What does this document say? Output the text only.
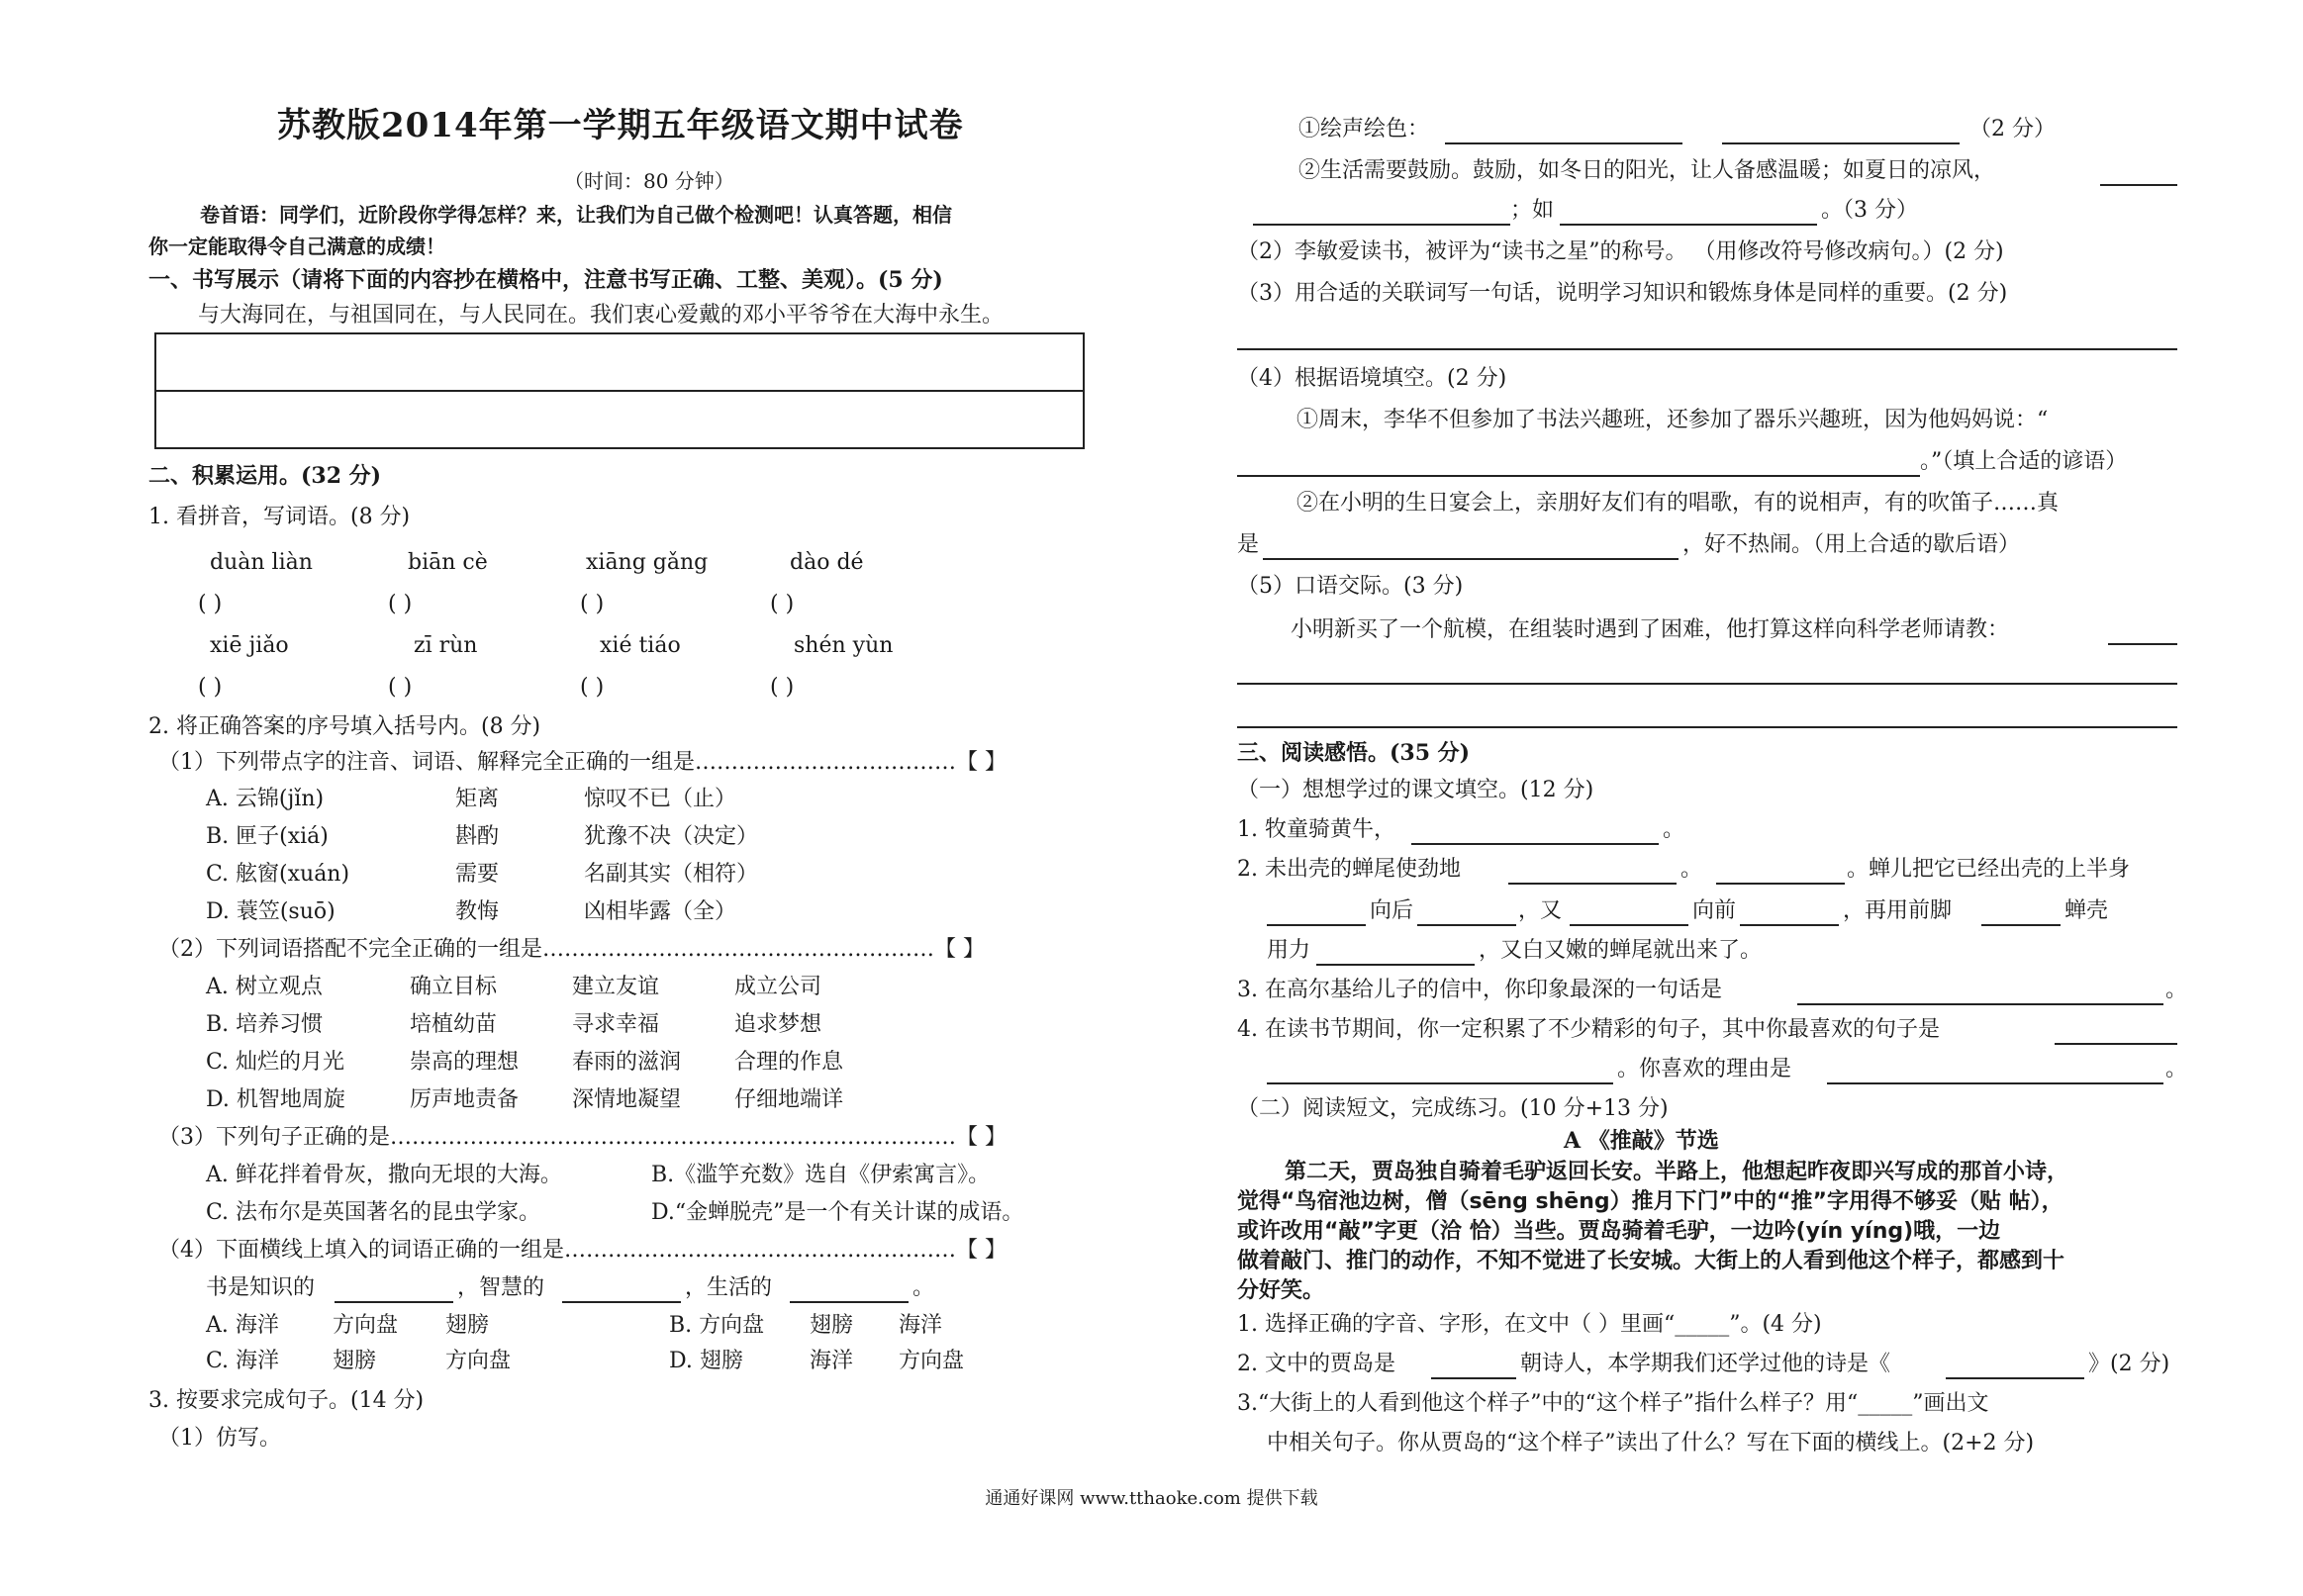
苏教版2014年第一学期五年级语文期中试卷
（时间：80 分钟）
卷首语：同学们，近阶段你学得怎样？来，让我们为自己做个检测吧！认真答题，相信
你一定能取得令自己满意的成绩！
一、书写展示（请将下面的内容抄在横格中，注意书写正确、工整、美观）。(5 分)
与大海同在，与祖国同在，与人民同在。我们衷心爱戴的邓小平爷爷在大海中永生。
二、积累运用。(32 分)
1. 看拼音，写词语。(8 分)
duàn liàn	biān cè	xiāng gǎng	dào dé
( )	( )	( )	( )
xiē jiǎo	zī rùn	xié tiáo	shén yùn
( )	( )	( )	( )
2. 将正确答案的序号填入括号内。(8 分)
（1）下列带点字的注音、词语、解释完全正确的一组是………………………………【 】
A. 云锦(jǐn)	矩离	惊叹不已（止）
B. 匣子(xiá)	斟酌	犹豫不决（决定）
C. 舷窗(xuán)	需要	名副其实（相符）
D. 蓑笠(suō)	教悔	凶相毕露（全）
（2）下列词语搭配不完全正确的一组是………………………………………………【 】
A. 树立观点	确立目标	建立友谊	成立公司
B. 培养习惯	培植幼苗	寻求幸福	追求梦想
C. 灿烂的月光	崇高的理想 春雨的滋润 合理的作息
D. 机智地周旋	厉声地责备 深情地凝望 仔细地端详
（3）下列句子正确的是……………………………………………………………………【 】
A. 鲜花拌着骨灰，撒向无垠的大海。	B.《滥竽充数》选自《伊索寓言》。
C. 法布尔是英国著名的昆虫学家。	D.“金蝉脱壳”是一个有关计谋的成语。
（4）下面横线上填入的词语正确的一组是………………………………………………【 】
书是知识的	，智慧的	，生活的	。
A. 海洋 方向盘 翅膀	B. 方向盘 翅膀 海洋
C. 海洋 翅膀	方向盘	D. 翅膀	海洋 方向盘
3. 按要求完成句子。(14 分)
（1）仿写。
①绘声绘色：	（2 分）
②生活需要鼓励。鼓励，如冬日的阳光，让人备感温暖；如夏日的凉风，
；如	。（3 分）
（2）李敏爱读书，被评为“读书之星”的称号。 （用修改符号修改病句。）(2 分)
（3）用合适的关联词写一句话，说明学习知识和锻炼身体是同样的重要。(2 分)
（4）根据语境填空。(2 分)
①周末，李华不但参加了书法兴趣班，还参加了器乐兴趣班，因为他妈妈说：“
。”（填上合适的谚语）
②在小明的生日宴会上，亲朋好友们有的唱歌，有的说相声，有的吹笛子……真
是	，好不热闹。（用上合适的歇后语）
（5）口语交际。(3 分)
小明新买了一个航模，在组装时遇到了困难，他打算这样向科学老师请教：
三、阅读感悟。(35 分)
（一）想想学过的课文填空。(12 分)
1. 牧童骑黄牛，	。
2. 未出壳的蝉尾使劲地	。	。蝉儿把它已经出壳的上半身
向后	，又	向前	，再用前脚	蝉壳
用力	，又白又嫩的蝉尾就出来了。
3. 在高尔基给儿子的信中，你印象最深的一句话是	。
4. 在读书节期间，你一定积累了不少精彩的句子，其中你最喜欢的句子是
。你喜欢的理由是	。
（二）阅读短文，完成练习。(10 分+13 分)
A 《推敲》节选
第二天，贾岛独自骑着毛驴返回长安。半路上，他想起昨夜即兴写成的那首小诗，
觉得“鸟宿池边树，僧（sēng shēng）推月下门”中的“推”字用得不够妥（贴 帖），
或许改用“敲”字更（洽 恰）当些。贾岛骑着毛驴，一边吟(yín yíng)哦，一边
做着敲门、推门的动作，不知不觉进了长安城。大街上的人看到他这个样子，都感到十
分好笑。
1. 选择正确的字音、字形，在文中（ ）里画“_____”。(4 分)
2. 文中的贾岛是	朝诗人，本学期我们还学过他的诗是《	》(2 分)
3.“大街上的人看到他这个样子”中的“这个样子”指什么样子？用“_____”画出文
中相关句子。你从贾岛的“这个样子”读出了什么？写在下面的横线上。(2+2 分)
通通好课网 www.tthaoke.com 提供下载
